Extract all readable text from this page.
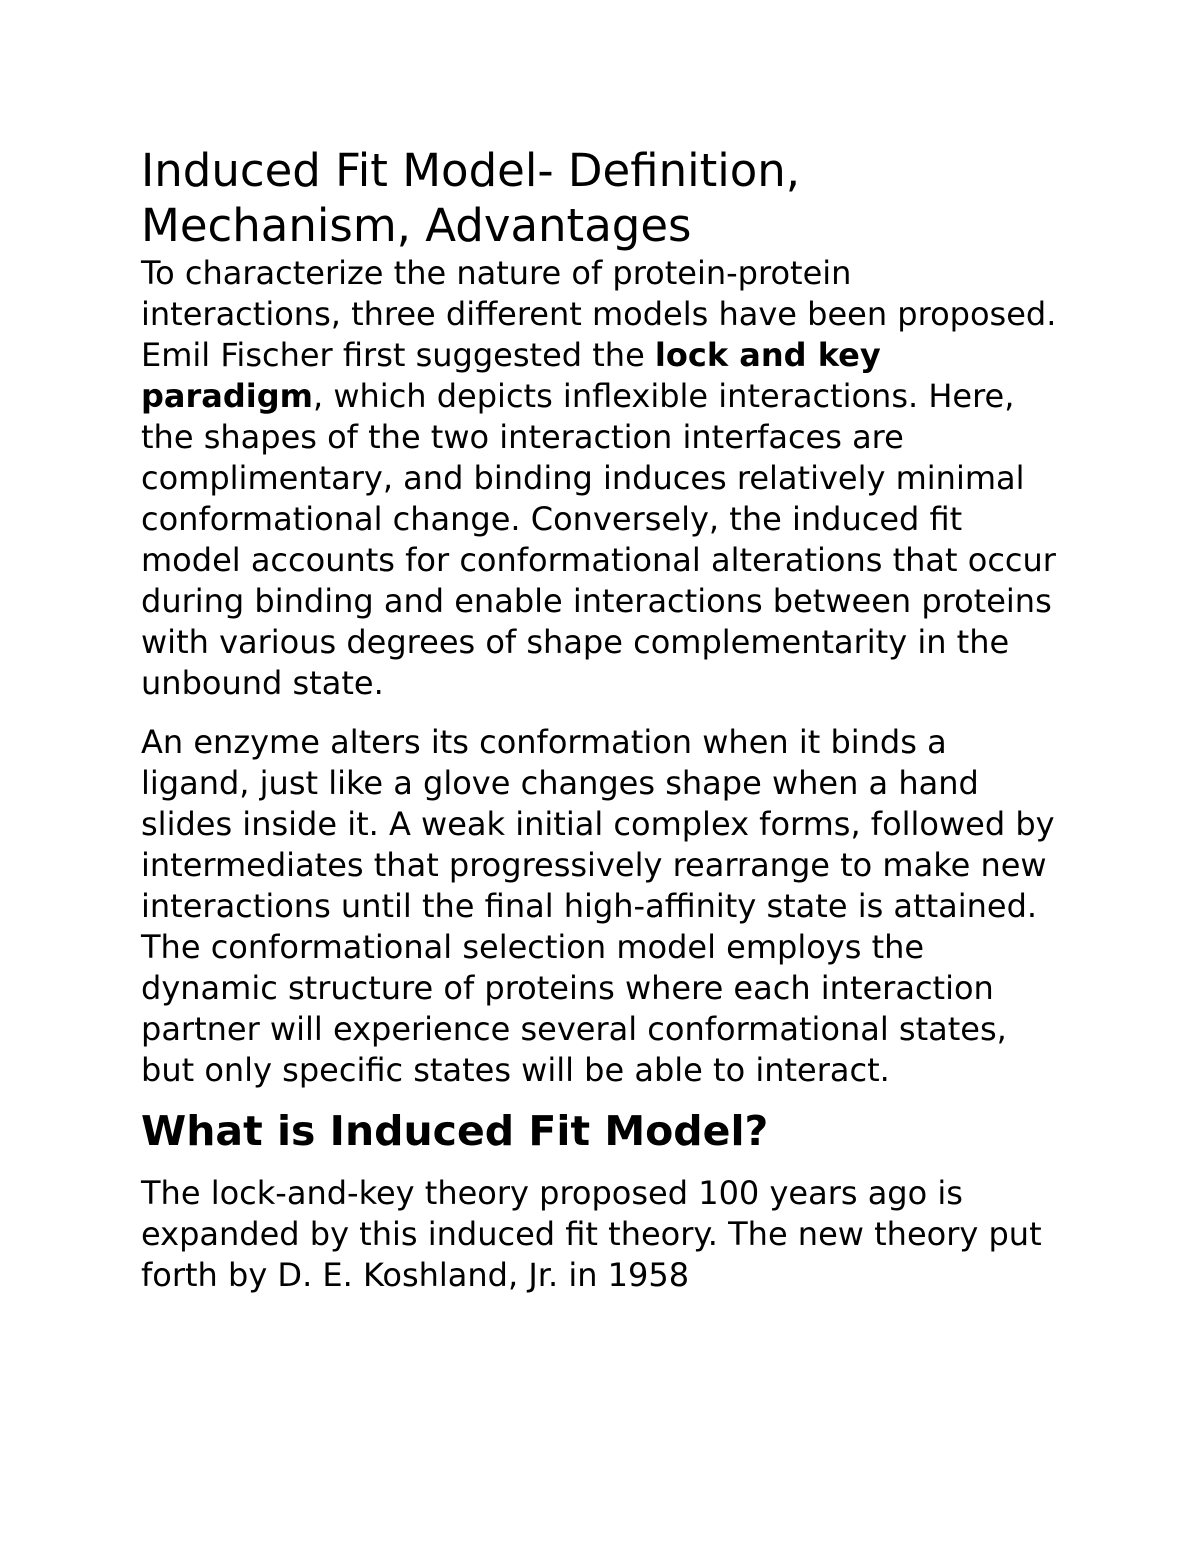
Induced Fit Model- Definition, Mechanism, Advantages

To characterize the nature of protein-protein interactions, three different models have been proposed. Emil Fischer first suggested the lock and key paradigm, which depicts inflexible interactions. Here, the shapes of the two interaction interfaces are complimentary, and binding induces relatively minimal conformational change. Conversely, the induced fit model accounts for conformational alterations that occur during binding and enable interactions between proteins with various degrees of shape complementarity in the unbound state.

An enzyme alters its conformation when it binds a ligand, just like a glove changes shape when a hand slides inside it. A weak initial complex forms, followed by intermediates that progressively rearrange to make new interactions until the final high-affinity state is attained. The conformational selection model employs the dynamic structure of proteins where each interaction partner will experience several conformational states, but only specific states will be able to interact.

What is Induced Fit Model?

The lock-and-key theory proposed 100 years ago is expanded by this induced fit theory. The new theory put forth by D. E. Koshland, Jr. in 1958
